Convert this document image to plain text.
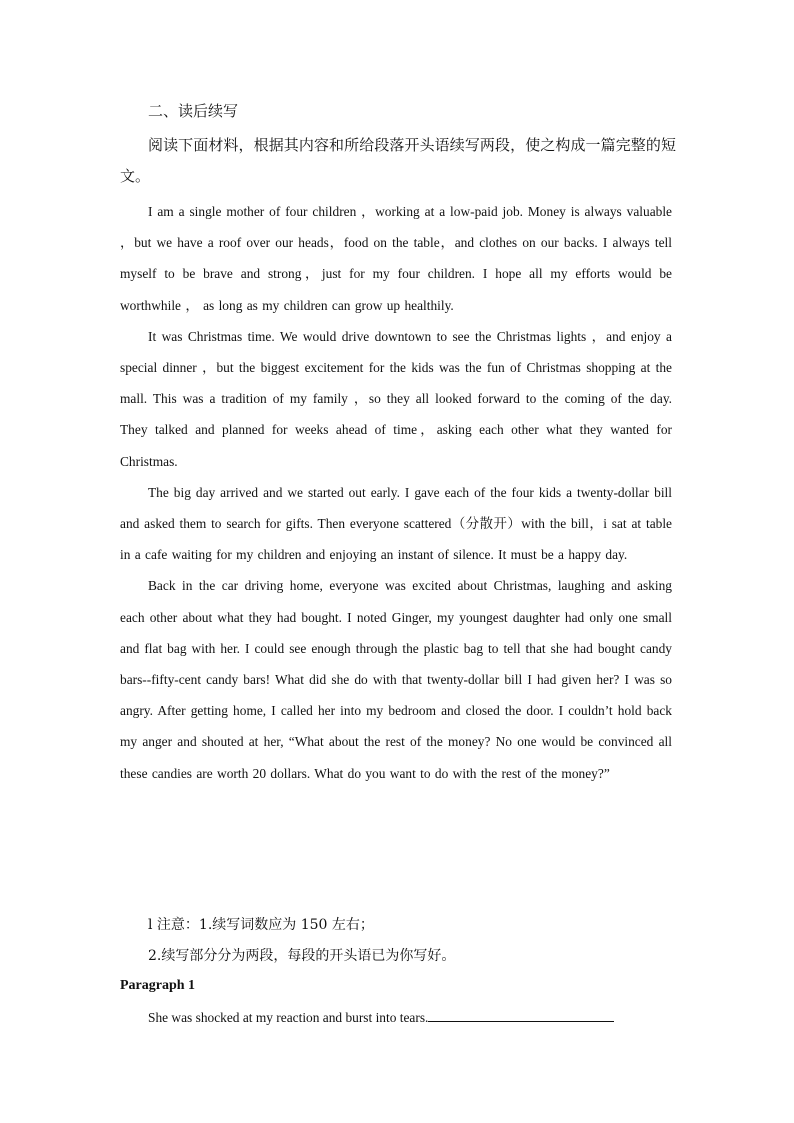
二、读后续写

阅读下面材料，根据其内容和所给段落开头语续写两段，使之构成一篇完整的短文。

I am a single mother of four children ，working at a low-paid job. Money is always valuable ，but we have a roof over our heads，food on the table，and clothes on our backs. I always tell myself to be brave and strong，just for my four children. I hope all my efforts would be worthwhile ， as long as my children can grow up healthily.

It was Christmas time. We would drive downtown to see the Christmas lights ，and enjoy a special dinner ，but the biggest excitement for the kids was the fun of Christmas shopping at the mall. This was a tradition of my family ，so they all looked forward to the coming of the day. They talked and planned for weeks ahead of time，asking each other what they wanted for Christmas.

The big day arrived and we started out early. I gave each of the four kids a twenty-dollar bill and asked them to search for gifts. Then everyone scattered（分散开）with the bill，i sat at table in a cafe waiting for my children and enjoying an instant of silence. It must be a happy day.

Back in the car driving home, everyone was excited about Christmas, laughing and asking each other about what they had bought. I noted Ginger, my youngest daughter had only one small and flat bag with her. I could see enough through the plastic bag to tell that she had bought candy bars--fifty-cent candy bars! What did she do with that twenty-dollar bill I had given her? I was so angry. After getting home, I called her into my bedroom and closed the door. I couldn’t hold back my anger and shouted at her, “What about the rest of the money? No one would be convinced all these candies are worth 20 dollars. What do you want to do with the rest of the money?”

l 注意：1.续写词数应为 150 左右；
2.续写部分分为两段，每段的开头语已为你写好。
Paragraph 1
She was shocked at my reaction and burst into tears.
